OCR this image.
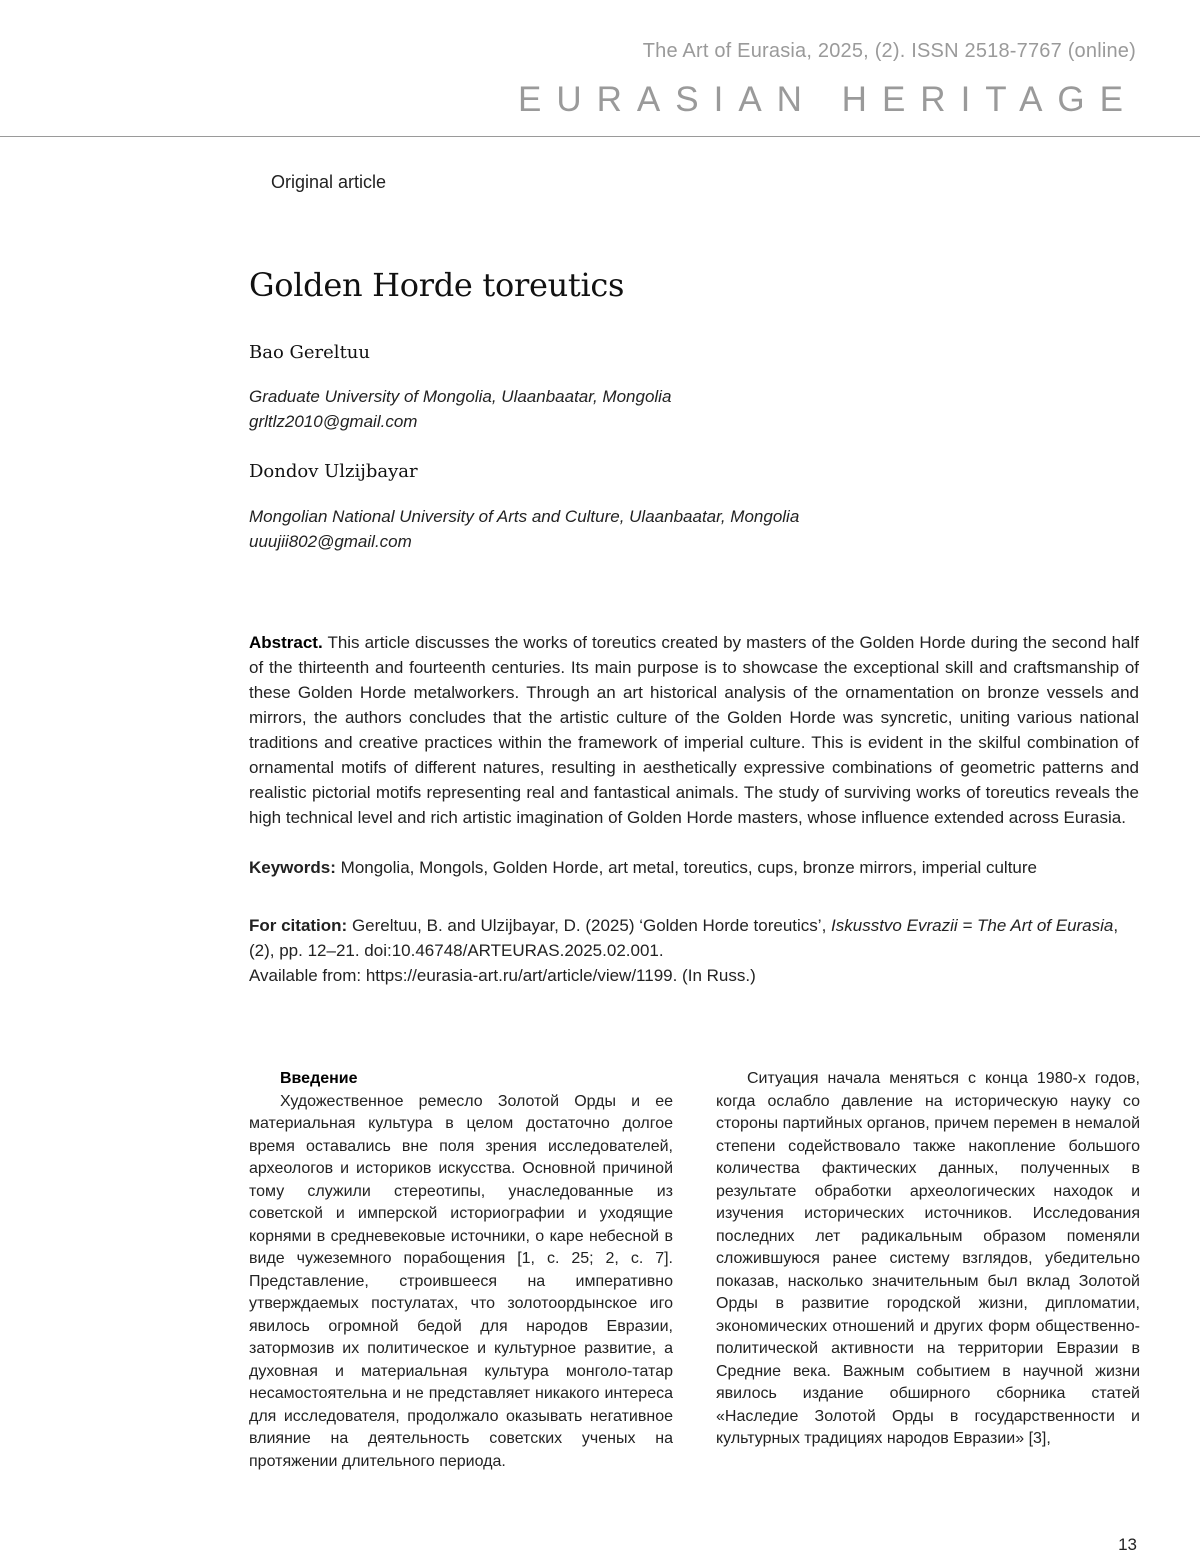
The Art of Eurasia, 2025, (2). ISSN 2518-7767 (online)
EURASIAN HERITAGE
Original article
Golden Horde toreutics
Bao Gereltuu
Graduate University of Mongolia, Ulaanbaatar, Mongolia
grltlz2010@gmail.com
Dondov Ulzijbayar
Mongolian National University of Arts and Culture, Ulaanbaatar, Mongolia
uuujii802@gmail.com
Abstract. This article discusses the works of toreutics created by masters of the Golden Horde during the second half of the thirteenth and fourteenth centuries. Its main purpose is to showcase the exceptional skill and craftsmanship of these Golden Horde metalworkers. Through an art historical analysis of the ornamentation on bronze vessels and mirrors, the authors concludes that the artistic culture of the Golden Horde was syncretic, uniting various national traditions and creative practices within the framework of imperial culture. This is evident in the skilful combination of ornamental motifs of different natures, resulting in aesthetically expressive combinations of geometric patterns and realistic pictorial motifs representing real and fantastical animals. The study of surviving works of toreutics reveals the high technical level and rich artistic imagination of Golden Horde masters, whose influence extended across Eurasia.
Keywords: Mongolia, Mongols, Golden Horde, art metal, toreutics, cups, bronze mirrors, imperial culture
For citation: Gereltuu, B. and Ulzijbayar, D. (2025) ‘Golden Horde toreutics’, Iskusstvo Evrazii = The Art of Eurasia, (2), pp. 12–21. doi:10.46748/ARTEURAS.2025.02.001.
Available from: https://eurasia-art.ru/art/article/view/1199. (In Russ.)
Введение

Художественное ремесло Золотой Орды и ее материальная культура в целом достаточно долгое время оставались вне поля зрения исследователей, археологов и историков искусства. Основной причиной тому служили стереотипы, унаследованные из советской и имперской историографии и уходящие корнями в средневековые источники, о каре небесной в виде чужеземного порабощения [1, с. 25; 2, с. 7]. Представление, строившееся на императивно утверждаемых постулатах, что золотоордынское иго явилось огромной бедой для народов Евразии, затормозив их политическое и культурное развитие, а духовная и материальная культура монголо-татар несамостоятельна и не представляет никакого интереса для исследователя, продолжало оказывать негативное влияние на деятельность советских ученых на протяжении длительного периода.

Ситуация начала меняться с конца 1980-х годов, когда ослабло давление на историческую науку со стороны партийных органов, причем перемен в немалой степени содействовало также накопление большого количества фактических данных, полученных в результате обработки археологических находок и изучения исторических источников. Исследования последних лет радикальным образом поменяли сложившуюся ранее систему взглядов, убедительно показав, насколько значительным был вклад Золотой Орды в развитие городской жизни, дипломатии, экономических отношений и других форм общественно-политической активности на территории Евразии в Средние века. Важным событием в научной жизни явилось издание обширного сборника статей «Наследие Золотой Орды в государственности и культурных традициях народов Евразии» [3],

13
